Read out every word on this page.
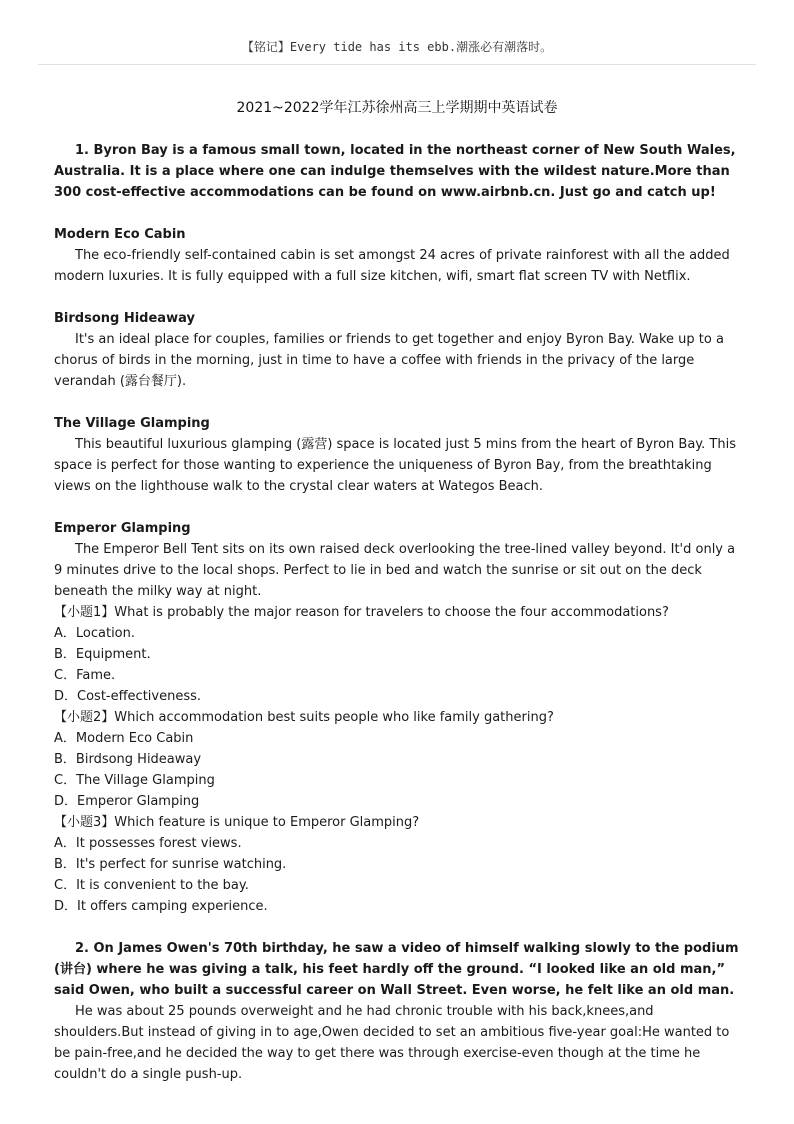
【铭记】Every tide has its ebb.潮涨必有潮落时。
2021~2022学年江苏徐州高三上学期期中英语试卷

1. Byron Bay is a famous small town, located in the northeast corner of New South Wales, Australia. It is a place where one can indulge themselves with the wildest nature.More than 300 cost-effective accommodations can be found on www.airbnb.cn. Just go and catch up!

Modern Eco Cabin

The eco-friendly self-contained cabin is set amongst 24 acres of private rainforest with all the added modern luxuries. It is fully equipped with a full size kitchen, wifi, smart flat screen TV with Netflix.

Birdsong Hideaway

It's an ideal place for couples, families or friends to get together and enjoy Byron Bay. Wake up to a chorus of birds in the morning, just in time to have a coffee with friends in the privacy of the large verandah (露台餐厅).

The Village Glamping

This beautiful luxurious glamping (露营) space is located just 5 mins from the heart of Byron Bay. This space is perfect for those wanting to experience the uniqueness of Byron Bay, from the breathtaking views on the lighthouse walk to the crystal clear waters at Wategos Beach.

Emperor Glamping

The Emperor Bell Tent sits on its own raised deck overlooking the tree-lined valley beyond. It'd only a 9 minutes drive to the local shops. Perfect to lie in bed and watch the sunrise or sit out on the deck beneath the milky way at night.

【小题1】What is probably the major reason for travelers to choose the four accommodations?

A．Location.

B．Equipment.

C．Fame.

D．Cost-effectiveness.

【小题2】Which accommodation best suits people who like family gathering?

A．Modern Eco Cabin

B．Birdsong Hideaway

C．The Village Glamping

D．Emperor Glamping

【小题3】Which feature is unique to Emperor Glamping?

A．It possesses forest views.

B．It's perfect for sunrise watching.

C．It is convenient to the bay.

D．It offers camping experience.

2. On James Owen's 70th birthday, he saw a video of himself walking slowly to the podium (讲台) where he was giving a talk, his feet hardly off the ground. “I looked like an old man,” said Owen, who built a successful career on Wall Street. Even worse, he felt like an old man.

He was about 25 pounds overweight and he had chronic trouble with his back,knees,and shoulders.But instead of giving in to age,Owen decided to set an ambitious five-year goal:He wanted to be pain-free,and he decided the way to get there was through exercise-even though at the time he couldn't do a single push-up.
